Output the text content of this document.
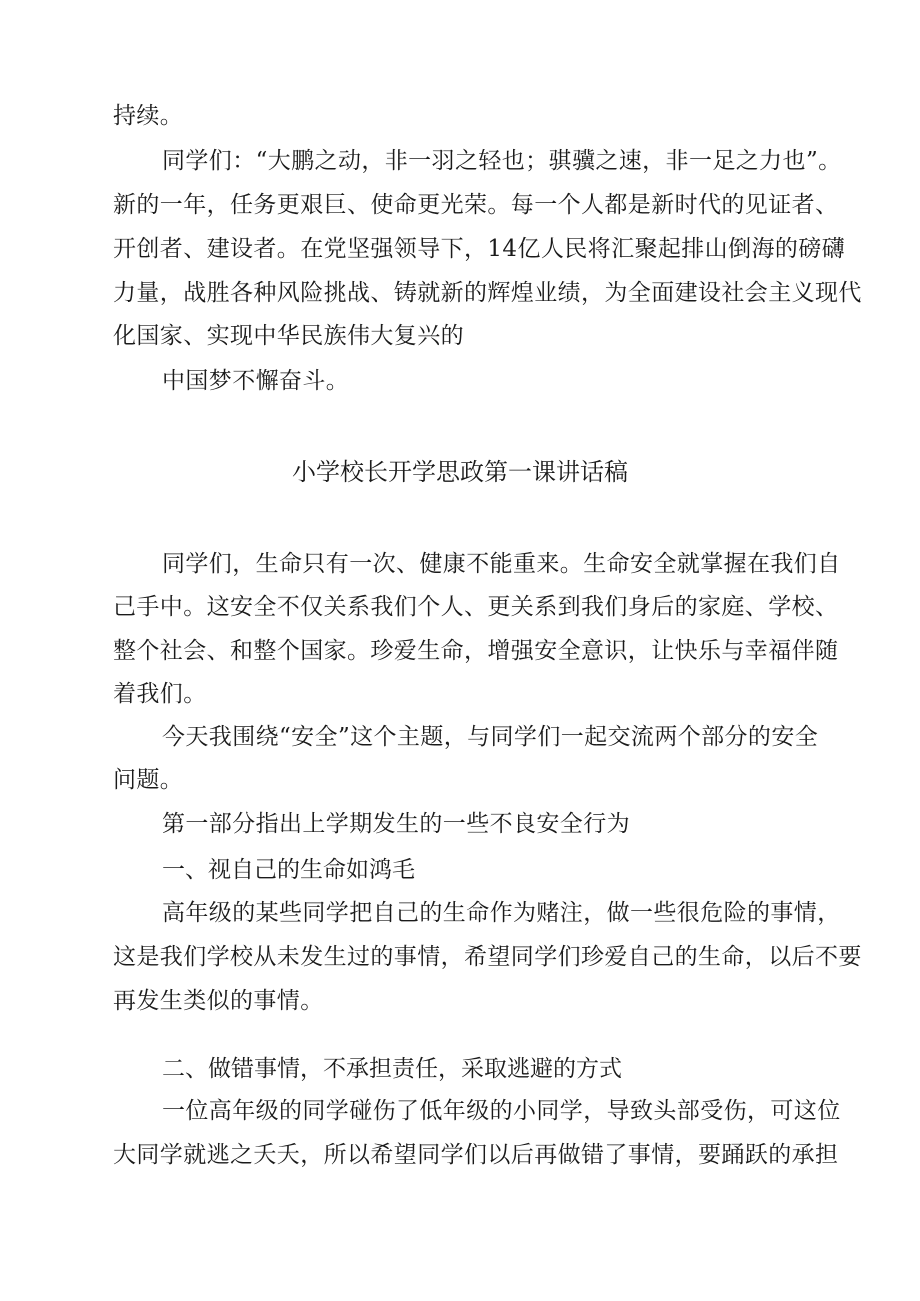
持续。
同学们：“大鹏之动，非一羽之轻也；骐骥之速，非一足之力也”。
新的一年，任务更艰巨、使命更光荣。每一个人都是新时代的见证者、
开创者、建设者。在党坚强领导下，14亿人民将汇聚起排山倒海的磅礴
力量，战胜各种风险挑战、铸就新的辉煌业绩，为全面建设社会主义现代
化国家、实现中华民族伟大复兴的
中国梦不懈奋斗。
小学校长开学思政第一课讲话稿
同学们，生命只有一次、健康不能重来。生命安全就掌握在我们自
己手中。这安全不仅关系我们个人、更关系到我们身后的家庭、学校、
整个社会、和整个国家。珍爱生命，增强安全意识，让快乐与幸福伴随
着我们。
今天我围绕“安全”这个主题，与同学们一起交流两个部分的安全
问题。
第一部分指出上学期发生的一些不良安全行为
一、视自己的生命如鸿毛
高年级的某些同学把自己的生命作为赌注，做一些很危险的事情，
这是我们学校从未发生过的事情，希望同学们珍爱自己的生命，以后不要
再发生类似的事情。
二、做错事情，不承担责任，采取逃避的方式
一位高年级的同学碰伤了低年级的小同学，导致头部受伤，可这位
大同学就逃之夭夭，所以希望同学们以后再做错了事情，要踊跃的承担
